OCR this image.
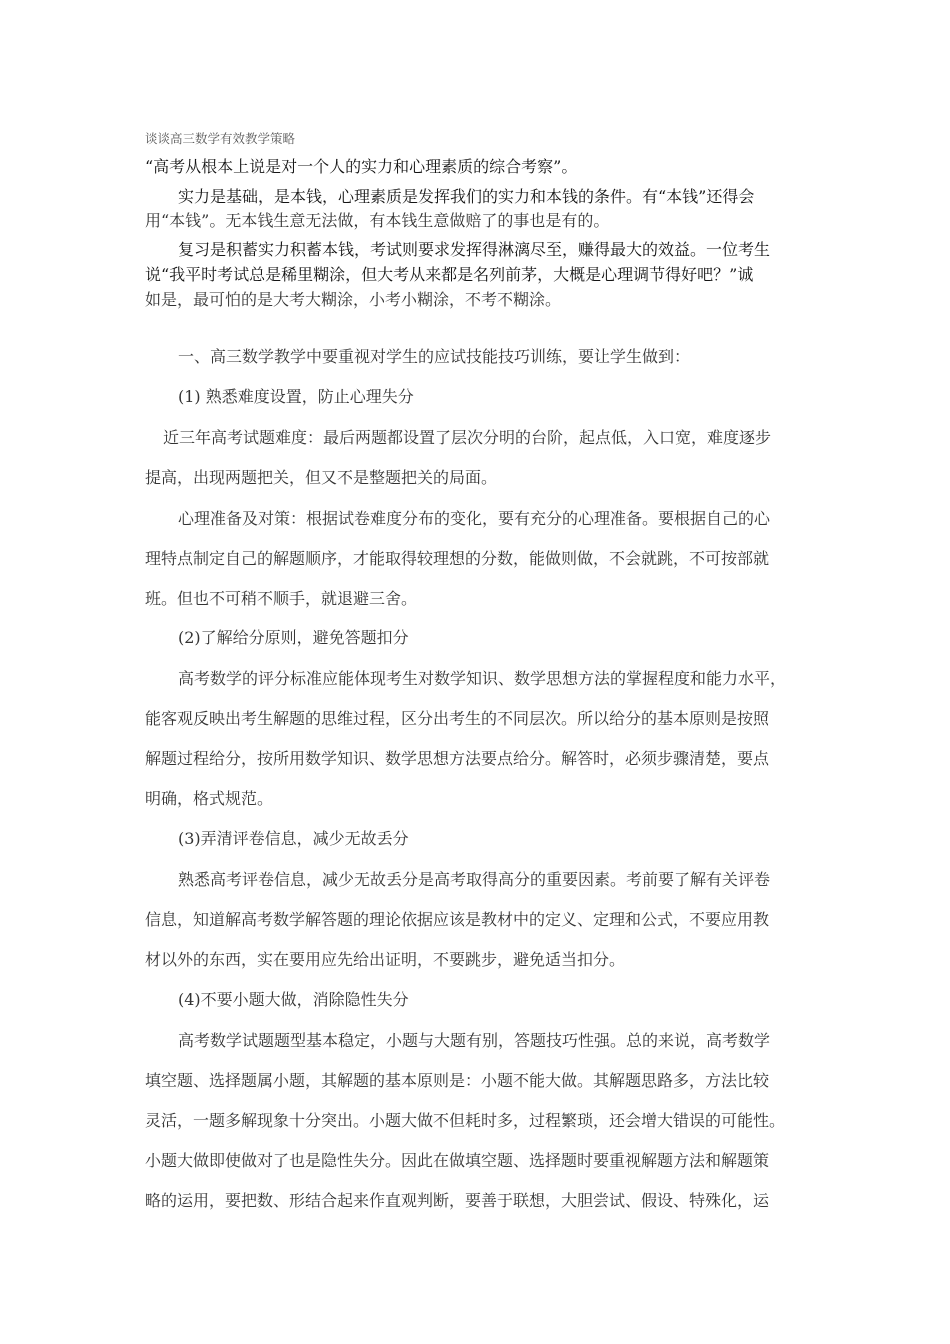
谈谈高三数学有效教学策略
“高考从根本上说是对一个人的实力和心理素质的综合考察”。
实力是基础，是本钱，心理素质是发挥我们的实力和本钱的条件。有“本钱”还得会
用“本钱”。无本钱生意无法做，有本钱生意做赔了的事也是有的。
复习是积蓄实力积蓄本钱，考试则要求发挥得淋漓尽至，赚得最大的效益。一位考生
说“我平时考试总是稀里糊涂，但大考从来都是名列前茅，大概是心理调节得好吧？”诚
如是，最可怕的是大考大糊涂，小考小糊涂，不考不糊涂。
一、高三数学教学中要重视对学生的应试技能技巧训练，要让学生做到：
(1) 熟悉难度设置，防止心理失分
近三年高考试题难度：最后两题都设置了层次分明的台阶，起点低，入口宽，难度逐步
提高，出现两题把关，但又不是整题把关的局面。
心理准备及对策：根据试卷难度分布的变化，要有充分的心理准备。要根据自己的心
理特点制定自己的解题顺序，才能取得较理想的分数，能做则做，不会就跳，不可按部就
班。但也不可稍不顺手，就退避三舍。
(2)了解给分原则，避免答题扣分
高考数学的评分标准应能体现考生对数学知识、数学思想方法的掌握程度和能力水平，
能客观反映出考生解题的思维过程，区分出考生的不同层次。所以给分的基本原则是按照
解题过程给分，按所用数学知识、数学思想方法要点给分。解答时，必须步骤清楚，要点
明确，格式规范。
(3)弄清评卷信息，减少无故丢分
熟悉高考评卷信息，减少无故丢分是高考取得高分的重要因素。考前要了解有关评卷
信息，知道解高考数学解答题的理论依据应该是教材中的定义、定理和公式，不要应用教
材以外的东西，实在要用应先给出证明，不要跳步，避免适当扣分。
(4)不要小题大做，消除隐性失分
高考数学试题题型基本稳定，小题与大题有别，答题技巧性强。总的来说，高考数学
填空题、选择题属小题，其解题的基本原则是：小题不能大做。其解题思路多，方法比较
灵活，一题多解现象十分突出。小题大做不但耗时多，过程繁琐，还会增大错误的可能性。
小题大做即使做对了也是隐性失分。因此在做填空题、选择题时要重视解题方法和解题策
略的运用，要把数、形结合起来作直观判断，要善于联想，大胆尝试、假设、特殊化，运
